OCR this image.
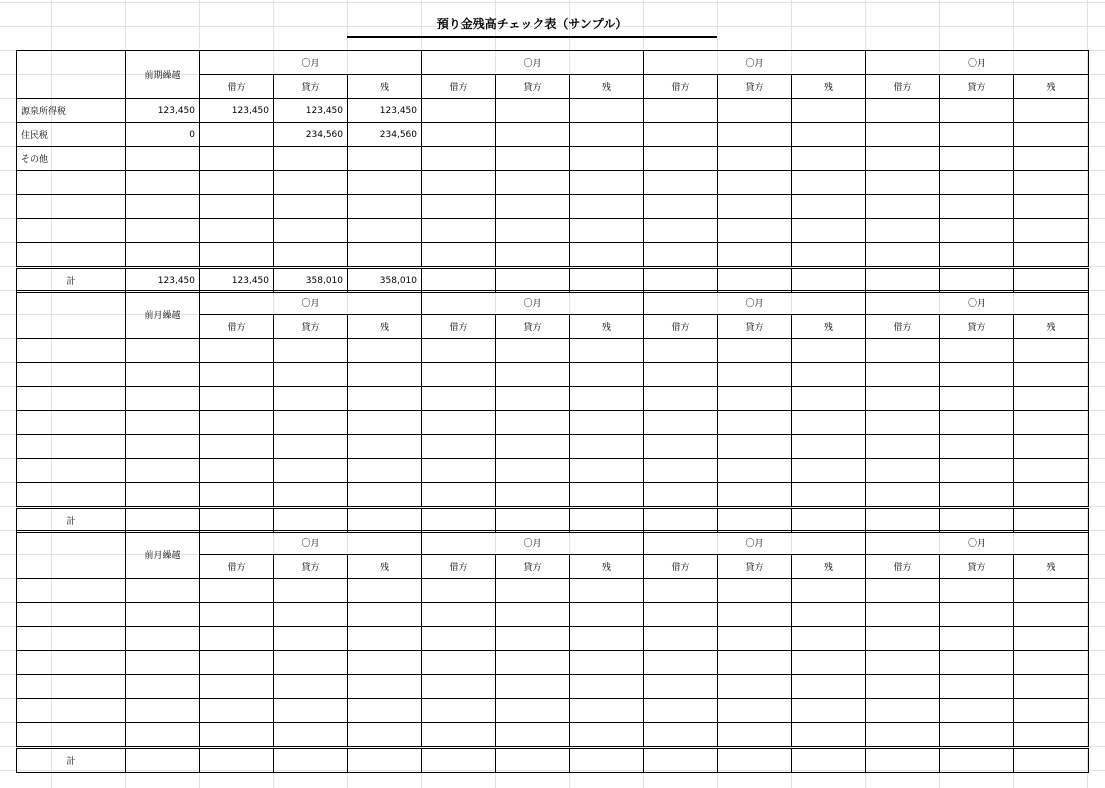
預り金残高チェック表（サンプル）
	前期繰越	〇月			〇月			〇月			〇月		
		借方	貸方	残	借方	貸方	残	借方	貸方	残	借方	貸方	残
源泉所得税	123,450	123,450	123,450	123,450									
住民税	0		234,560	234,560									
その他													

計	123,450	123,450	358,010	358,010									
	前月繰越	〇月			〇月			〇月			〇月		
		借方	貸方	残	借方	貸方	残	借方	貸方	残	借方	貸方	残

計													
	前月繰越	〇月			〇月			〇月			〇月		
		借方	貸方	残	借方	貸方	残	借方	貸方	残	借方	貸方	残

計													
